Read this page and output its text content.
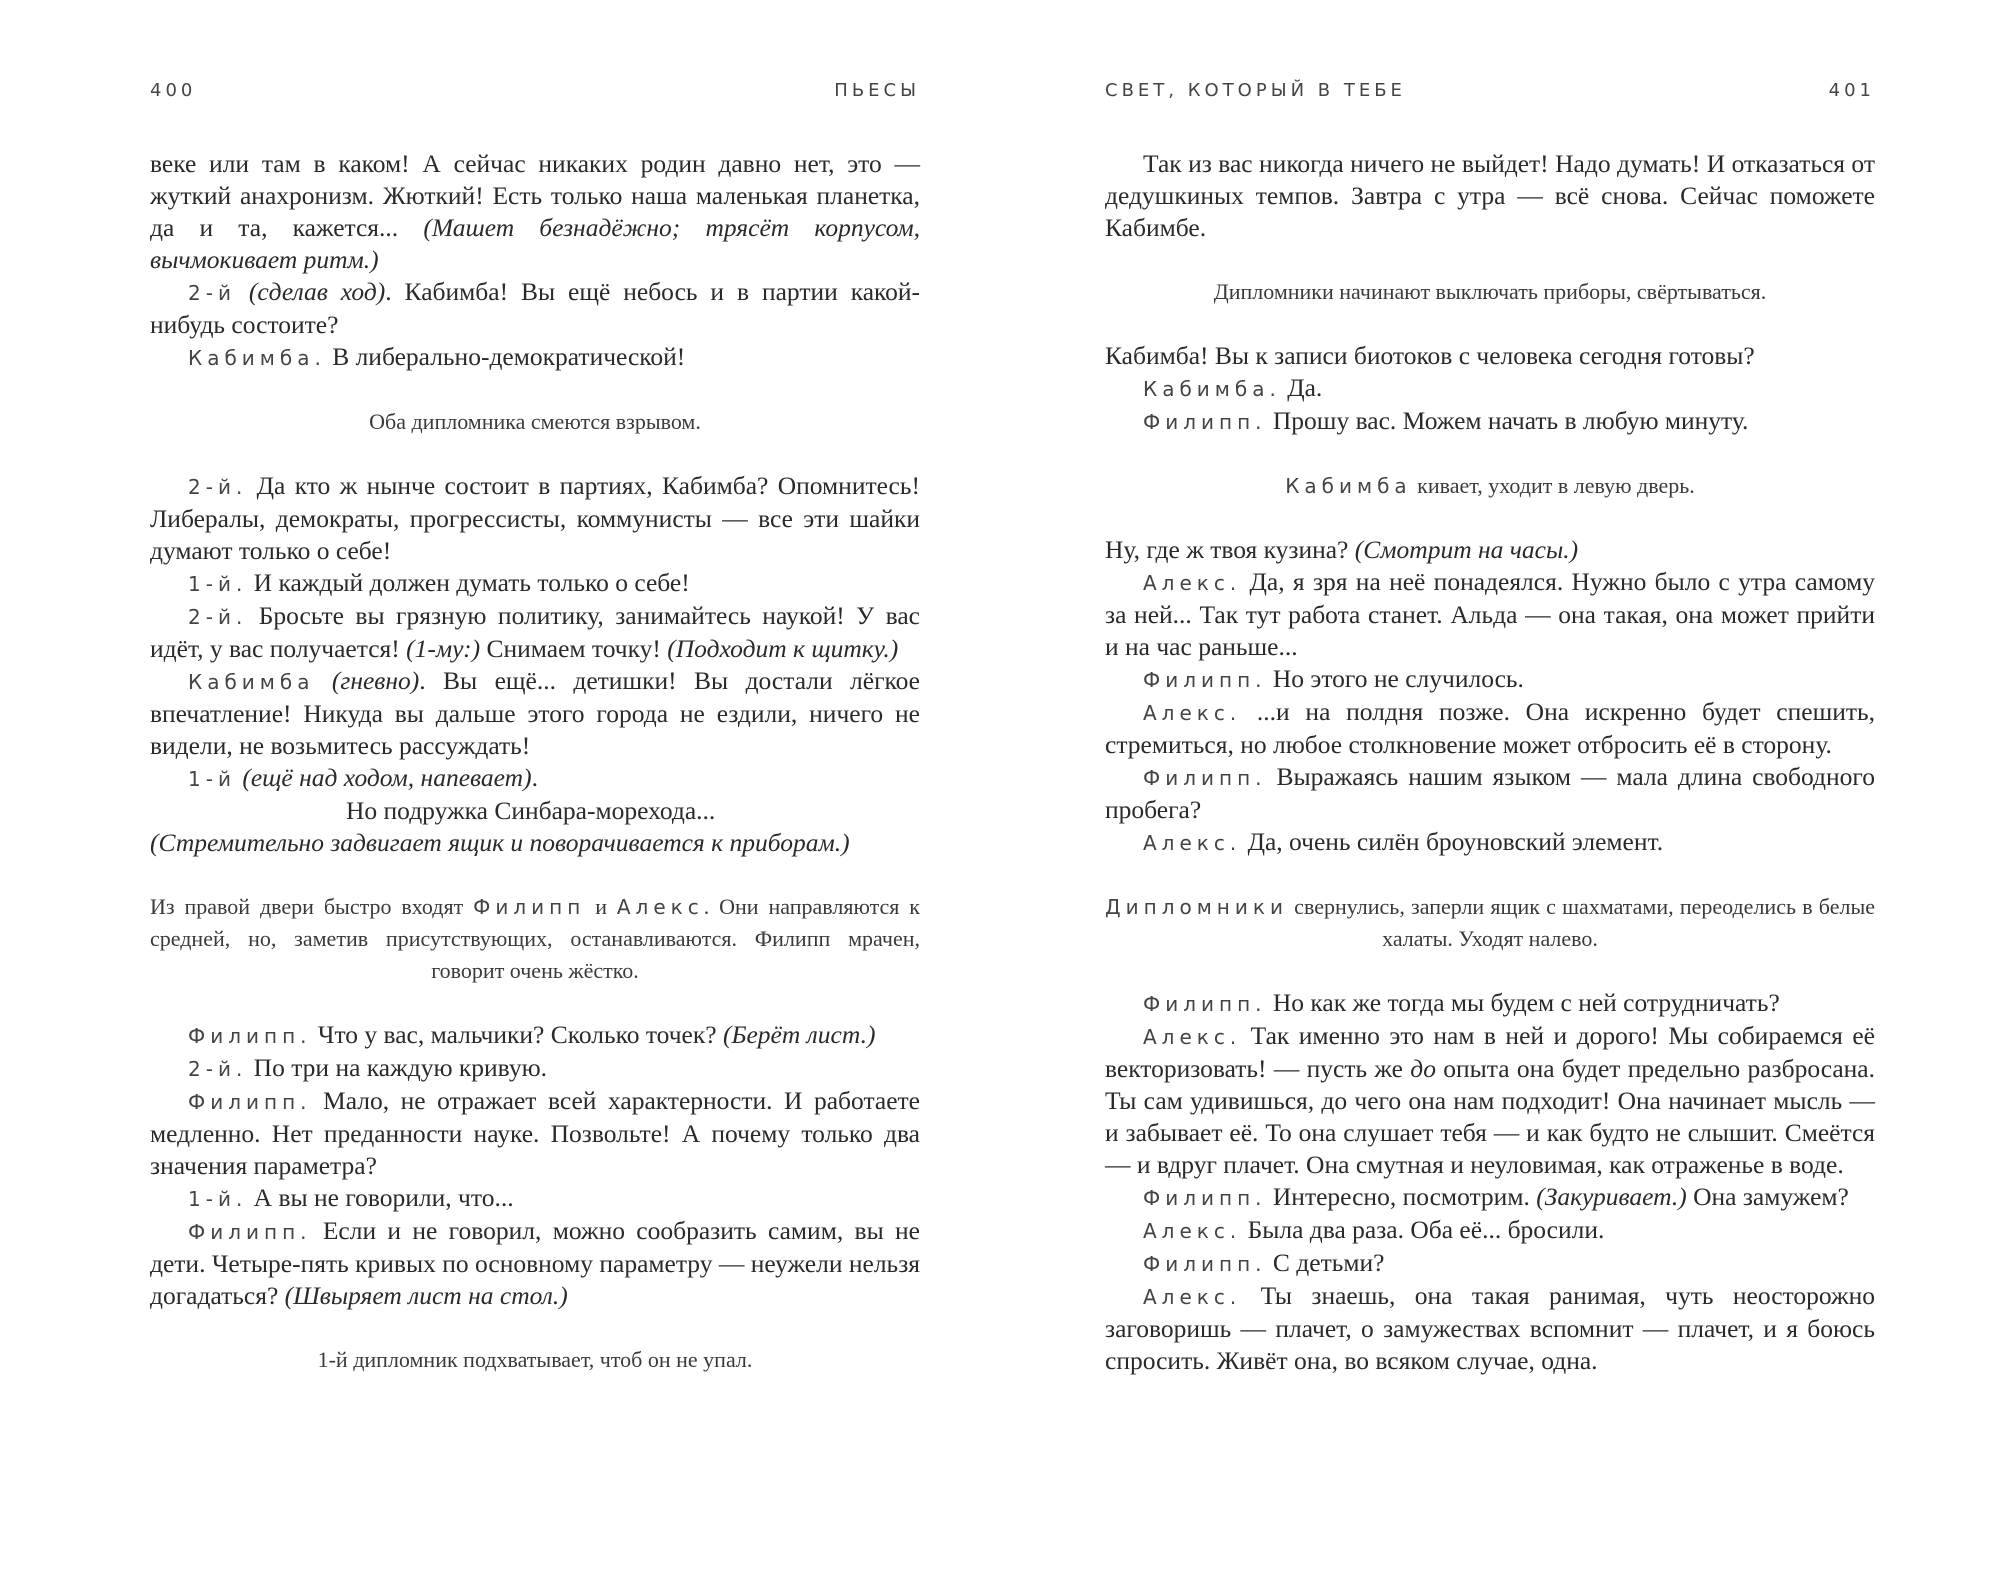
400	ПЬЕСЫ

веке или там в каком! А сейчас никаких родин давно нет, это — жуткий анахронизм. Жюткий! Есть только наша маленькая планетка, да и та, кажется... (Машет безнадёжно; трясёт корпусом, вычмокивает ритм.)

2-й (сделав ход). Кабимба! Вы ещё небось и в партии какой-нибудь состоите?

Кабимба. В либерально-демократической!

Оба дипломника смеются взрывом.

2-й. Да кто ж нынче состоит в партиях, Кабимба? Опомнитесь! Либералы, демократы, прогрессисты, коммунисты — все эти шайки думают только о себе!

1-й. И каждый должен думать только о себе!

2-й. Бросьте вы грязную политику, занимайтесь наукой! У вас идёт, у вас получается! (1-му:) Снимаем точку! (Подходит к щитку.)

Кабимба (гневно). Вы ещё... детишки! Вы достали лёгкое впечатление! Никуда вы дальше этого города не ездили, ничего не видели, не возьмитесь рассуждать!

1-й (ещё над ходом, напевает).

Но подружка Синбара-морехода...

(Стремительно задвигает ящик и поворачивается к приборам.)

Из правой двери быстро входят Филипп и Алекс. Они направляются к средней, но, заметив присутствующих, останавливаются. Филипп мрачен, говорит очень жёстко.

Филипп. Что у вас, мальчики? Сколько точек? (Берёт лист.)

2-й. По три на каждую кривую.

Филипп. Мало, не отражает всей характерности. И работаете медленно. Нет преданности науке. Позвольте! А почему только два значения параметра?

1-й. А вы не говорили, что...

Филипп. Если и не говорил, можно сообразить самим, вы не дети. Четыре-пять кривых по основному параметру — неужели нельзя догадаться? (Швыряет лист на стол.)

1-й дипломник подхватывает, чтоб он не упал.

СВЕТ, КОТОРЫЙ В ТЕБЕ	401

Так из вас никогда ничего не выйдет! Надо думать! И отказаться от дедушкиных темпов. Завтра с утра — всё снова. Сейчас поможете Кабимбе.

Дипломники начинают выключать приборы, свёртываться.

Кабимба! Вы к записи биотоков с человека сегодня готовы?

Кабимба. Да.

Филипп. Прошу вас. Можем начать в любую минуту.

Кабимба кивает, уходит в левую дверь.

Ну, где ж твоя кузина? (Смотрит на часы.)

Алекс. Да, я зря на неё понадеялся. Нужно было с утра самому за ней... Так тут работа станет. Альда — она такая, она может прийти и на час раньше...

Филипп. Но этого не случилось.

Алекс. ...и на полдня позже. Она искренно будет спешить, стремиться, но любое столкновение может отбросить её в сторону.

Филипп. Выражаясь нашим языком — мала длина свободного пробега?

Алекс. Да, очень силён броуновский элемент.

Дипломники свернулись, заперли ящик с шахматами, переоделись в белые халаты. Уходят налево.

Филипп. Но как же тогда мы будем с ней сотрудничать?

Алекс. Так именно это нам в ней и дорого! Мы собираемся её векторизовать! — пусть же до опыта она будет предельно разбросана. Ты сам удивишься, до чего она нам подходит! Она начинает мысль — и забывает её. То она слушает тебя — и как будто не слышит. Смеётся — и вдруг плачет. Она смутная и неуловимая, как отраженье в воде.

Филипп. Интересно, посмотрим. (Закуривает.) Она замужем?

Алекс. Была два раза. Оба её... бросили.

Филипп. С детьми?

Алекс. Ты знаешь, она такая ранимая, чуть неосторожно заговоришь — плачет, о замужествах вспомнит — плачет, и я боюсь спросить. Живёт она, во всяком случае, одна.
